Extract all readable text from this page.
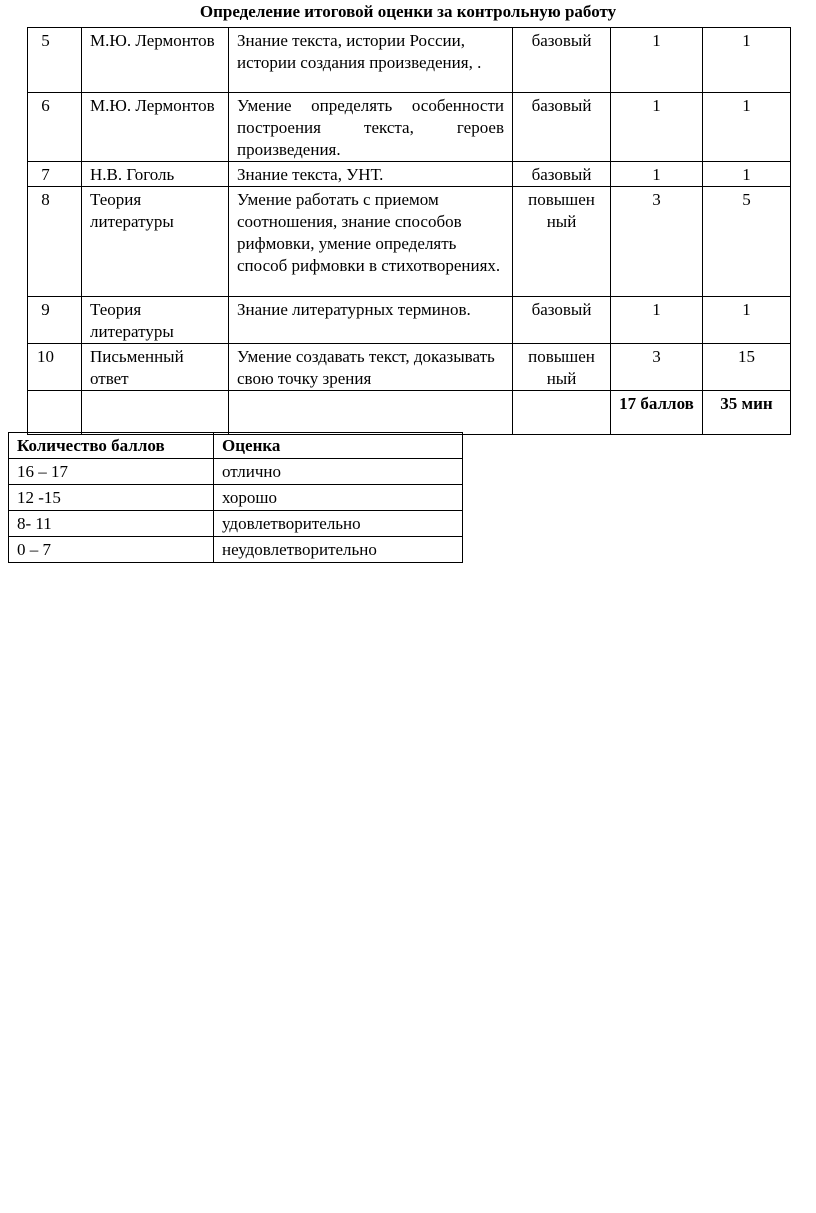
Определение итоговой оценки за контрольную работу
5	М.Ю. Лермонтов	Знание текста, истории России, истории создания произведения, .	базовый	1	1
6	М.Ю. Лермонтов	Умение определять особенности построения текста, героев произведения.	базовый	1	1
7	Н.В. Гоголь	Знание текста, УНТ.	базовый	1	1
8	Теория литературы	Умение работать с приемом соотношения, знание способов рифмовки, умение определять способ рифмовки в стихотворениях.	повышен ный	3	5
9	Теория литературы	Знание литературных терминов.	базовый	1	1
10	Письменный ответ	Умение создавать текст, доказывать свою точку зрения	повышен ный	3	15
				17 баллов	35 мин
Количество баллов	Оценка
16 – 17	отлично
12 -15	хорошо
8- 11	удовлетворительно
0 – 7	неудовлетворительно
